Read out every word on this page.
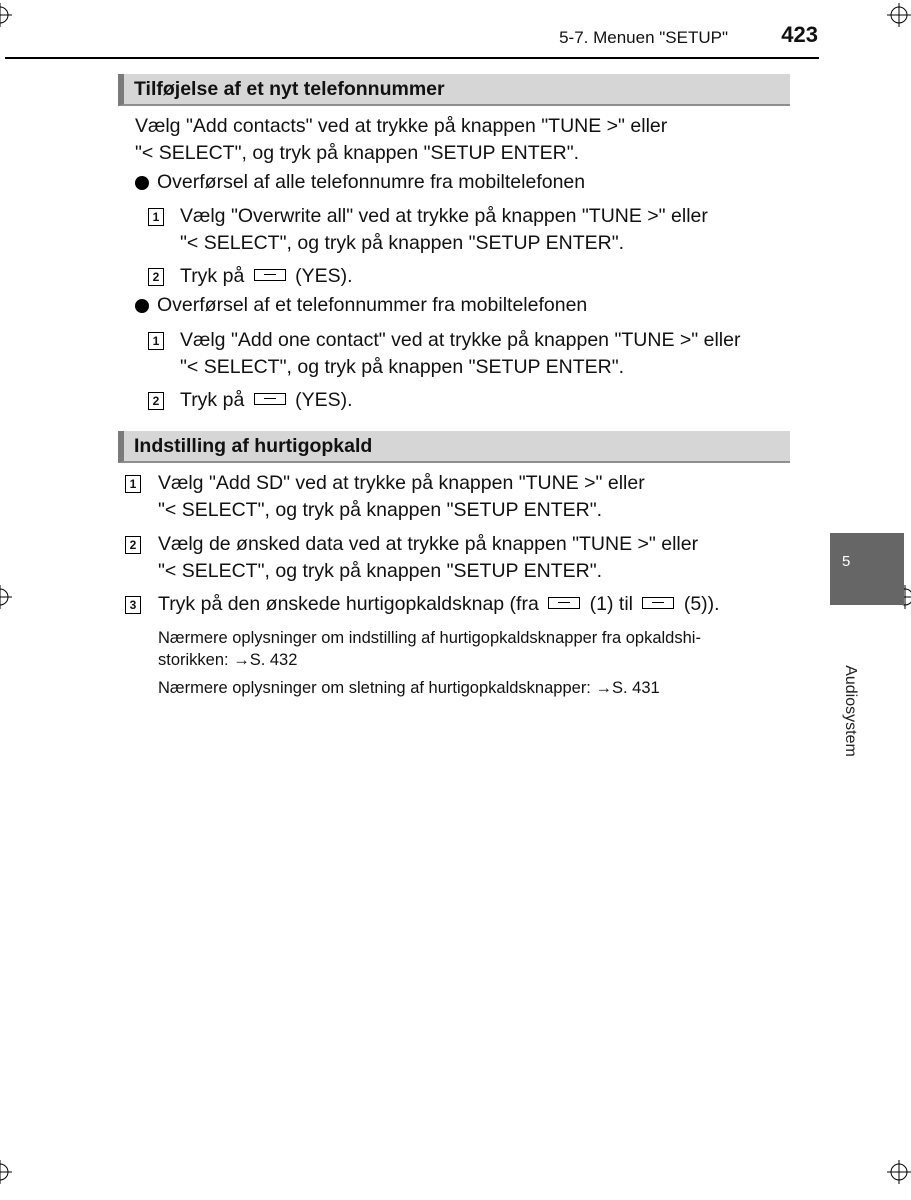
5-7. Menuen "SETUP"	423
Tilføjelse af et nyt telefonnummer
Vælg "Add contacts" ved at trykke på knappen "TUNE >" eller
"< SELECT", og tryk på knappen "SETUP ENTER".
Overførsel af alle telefonnumre fra mobiltelefonen
1 Vælg "Overwrite all" ved at trykke på knappen "TUNE >" eller
"< SELECT", og tryk på knappen "SETUP ENTER".
2 Tryk på	(YES).
Overførsel af et telefonnummer fra mobiltelefonen
1 Vælg "Add one contact" ved at trykke på knappen "TUNE >" eller
"< SELECT", og tryk på knappen "SETUP ENTER".
2 Tryk på	(YES).
Indstilling af hurtigopkald
1 Vælg "Add SD" ved at trykke på knappen "TUNE >" eller
"< SELECT", og tryk på knappen "SETUP ENTER".
2 Vælg de ønsked data ved at trykke på knappen "TUNE >" eller
"< SELECT", og tryk på knappen "SETUP ENTER".
3 Tryk på den ønskede hurtigopkaldsknap (fra	(1) til	(5)).
Nærmere oplysninger om indstilling af hurtigopkaldsknapper fra opkaldshi-
storikken: →S. 432
Nærmere oplysninger om sletning af hurtigopkaldsknapper: →S. 431
5
Audiosystem
